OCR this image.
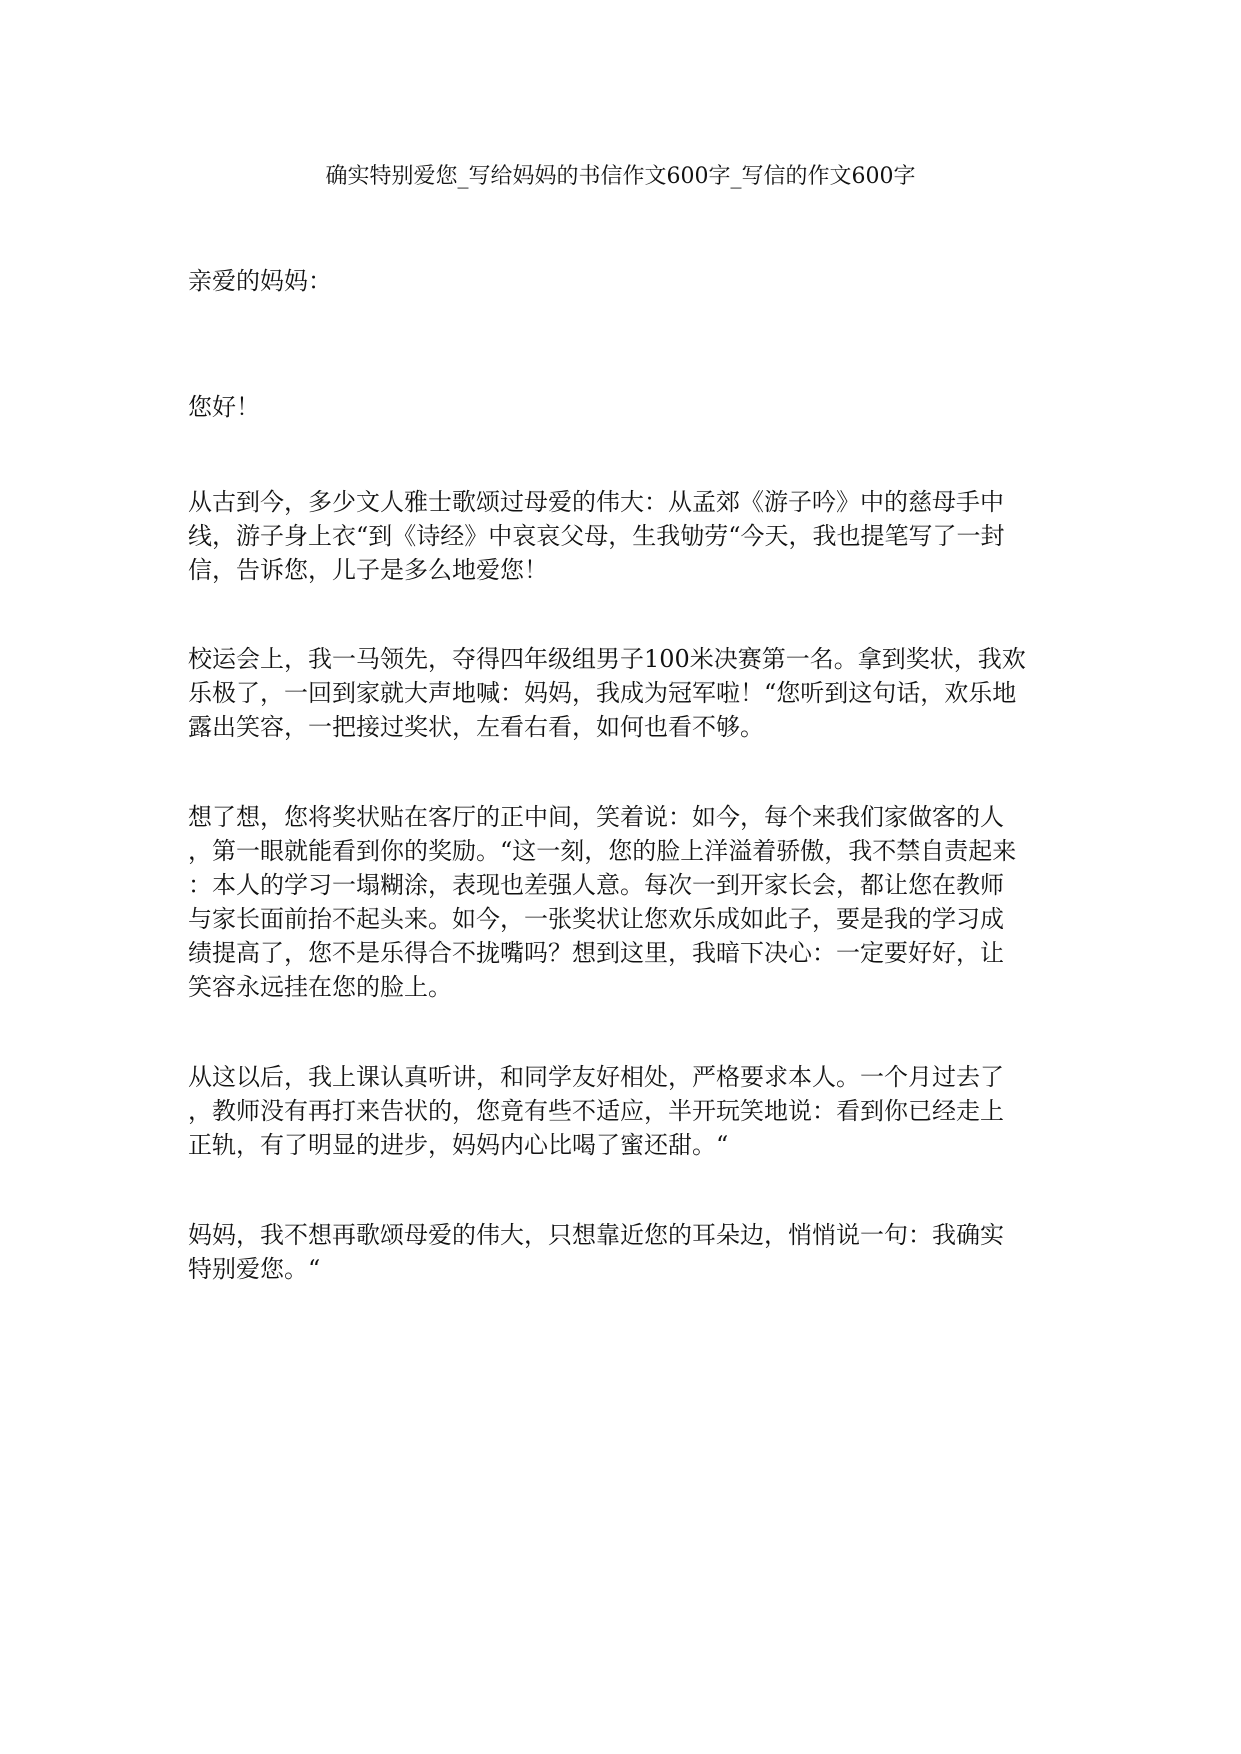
确实特别爱您_写给妈妈的书信作文600字_写信的作文600字

亲爱的妈妈：

您好！

从古到今，多少文人雅士歌颂过母爱的伟大：从孟郊《游子吟》中的慈母手中
线，游子身上衣“到《诗经》中哀哀父母，生我劬劳“今天，我也提笔写了一封
信，告诉您，儿子是多么地爱您！

校运会上，我一马领先，夺得四年级组男子100米决赛第一名。拿到奖状，我欢
乐极了，一回到家就大声地喊：妈妈，我成为冠军啦！“您听到这句话，欢乐地
露出笑容，一把接过奖状，左看右看，如何也看不够。

想了想，您将奖状贴在客厅的正中间，笑着说：如今，每个来我们家做客的人
，第一眼就能看到你的奖励。“这一刻，您的脸上洋溢着骄傲，我不禁自责起来
：本人的学习一塌糊涂，表现也差强人意。每次一到开家长会，都让您在教师
与家长面前抬不起头来。如今，一张奖状让您欢乐成如此子，要是我的学习成
绩提高了，您不是乐得合不拢嘴吗？想到这里，我暗下决心：一定要好好，让
笑容永远挂在您的脸上。

从这以后，我上课认真听讲，和同学友好相处，严格要求本人。一个月过去了
，教师没有再打来告状的，您竟有些不适应，半开玩笑地说：看到你已经走上
正轨，有了明显的进步，妈妈内心比喝了蜜还甜。“

妈妈，我不想再歌颂母爱的伟大，只想靠近您的耳朵边，悄悄说一句：我确实
特别爱您。“
